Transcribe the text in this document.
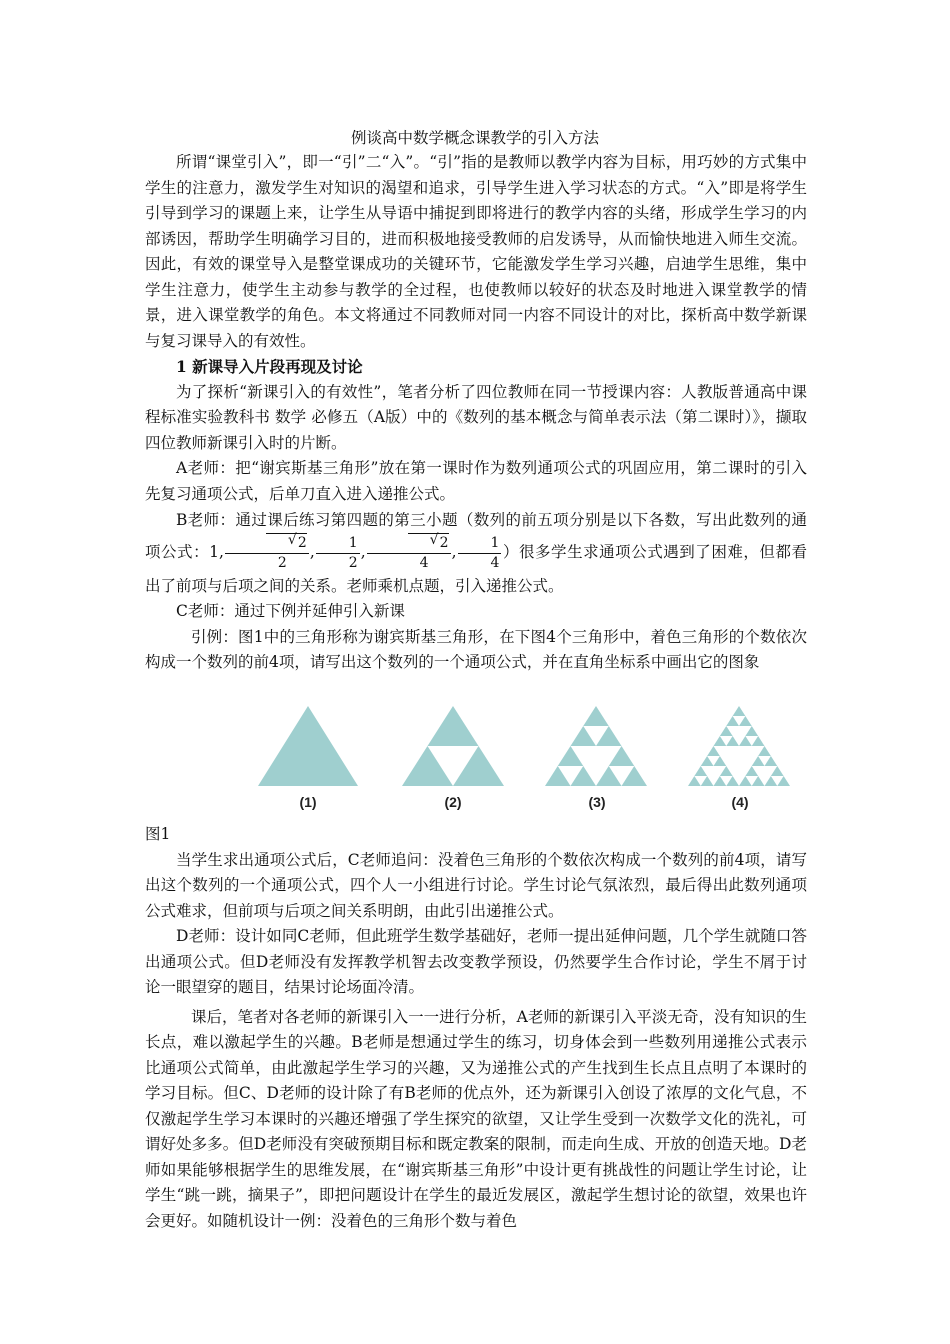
例谈高中数学概念课教学的引入方法

所谓“课堂引入”，即一“引”二“入”。“引”指的是教师以教学内容为目标，用巧妙的方式集中学生的注意力，激发学生对知识的渴望和追求，引导学生进入学习状态的方式。“入”即是将学生引导到学习的课题上来，让学生从导语中捕捉到即将进行的教学内容的头绪，形成学生学习的内部诱因，帮助学生明确学习目的，进而积极地接受教师的启发诱导，从而愉快地进入师生交流。因此，有效的课堂导入是整堂课成功的关键环节，它能激发学生学习兴趣，启迪学生思维，集中学生注意力，使学生主动参与教学的全过程，也使教师以较好的状态及时地进入课堂教学的情景，进入课堂教学的角色。本文将通过不同教师对同一内容不同设计的对比，探析高中数学新课与复习课导入的有效性。

1 新课导入片段再现及讨论

为了探析“新课引入的有效性”，笔者分析了四位教师在同一节授课内容：人教版普通高中课程标准实验教科书 数学 必修五（A版）中的《数列的基本概念与简单表示法（第二课时）》，撷取四位教师新课引入时的片断。

A老师：把“谢宾斯基三角形”放在第一课时作为数列通项公式的巩固应用，第二课时的引入先复习通项公式，后单刀直入进入递推公式。

B老师：通过课后练习第四题的第三小题（数列的前五项分别是以下各数，写出此数列的通项公式：1, √ $\frac{2}{2}$ , $\frac{1}{2}$ , √ $\frac{2}{4}$ , $\frac{1}{4}$ ）很多学生求通项公式遇到了困难，但都看出了前项与后项之间的关系。老师乘机点题，引入递推公式。

C老师：通过下例并延伸引入新课

引例：图1中的三角形称为谢宾斯基三角形，在下图4个三角形中，着色三角形的个数依次构成一个数列的前4项，请写出这个数列的一个通项公式，并在直角坐标系中画出它的图象

(1)	(2)	(3)	(4)

图1

当学生求出通项公式后，C老师追问：没着色三角形的个数依次构成一个数列的前4项，请写出这个数列的一个通项公式，四个人一小组进行讨论。学生讨论气氛浓烈，最后得出此数列通项公式难求，但前项与后项之间关系明朗，由此引出递推公式。

D老师：设计如同C老师，但此班学生数学基础好，老师一提出延伸问题，几个学生就随口答出通项公式。但D老师没有发挥教学机智去改变教学预设，仍然要学生合作讨论，学生不屑于讨论一眼望穿的题目，结果讨论场面冷清。

课后，笔者对各老师的新课引入一一进行分析，A老师的新课引入平淡无奇，没有知识的生长点，难以激起学生的兴趣。B老师是想通过学生的练习，切身体会到一些数列用递推公式表示比通项公式简单，由此激起学生学习的兴趣，又为递推公式的产生找到生长点且点明了本课时的学习目标。但C、D老师的设计除了有B老师的优点外，还为新课引入创设了浓厚的文化气息，不仅激起学生学习本课时的兴趣还增强了学生探究的欲望，又让学生受到一次数学文化的洗礼，可谓好处多多。但D老师没有突破预期目标和既定教案的限制，而走向生成、开放的创造天地。D老师如果能够根据学生的思维发展，在“谢宾斯基三角形”中设计更有挑战性的问题让学生讨论，让学生“跳一跳，摘果子”，即把问题设计在学生的最近发展区，激起学生想讨论的欲望，效果也许会更好。如随机设计一例：没着色的三角形个数与着色
